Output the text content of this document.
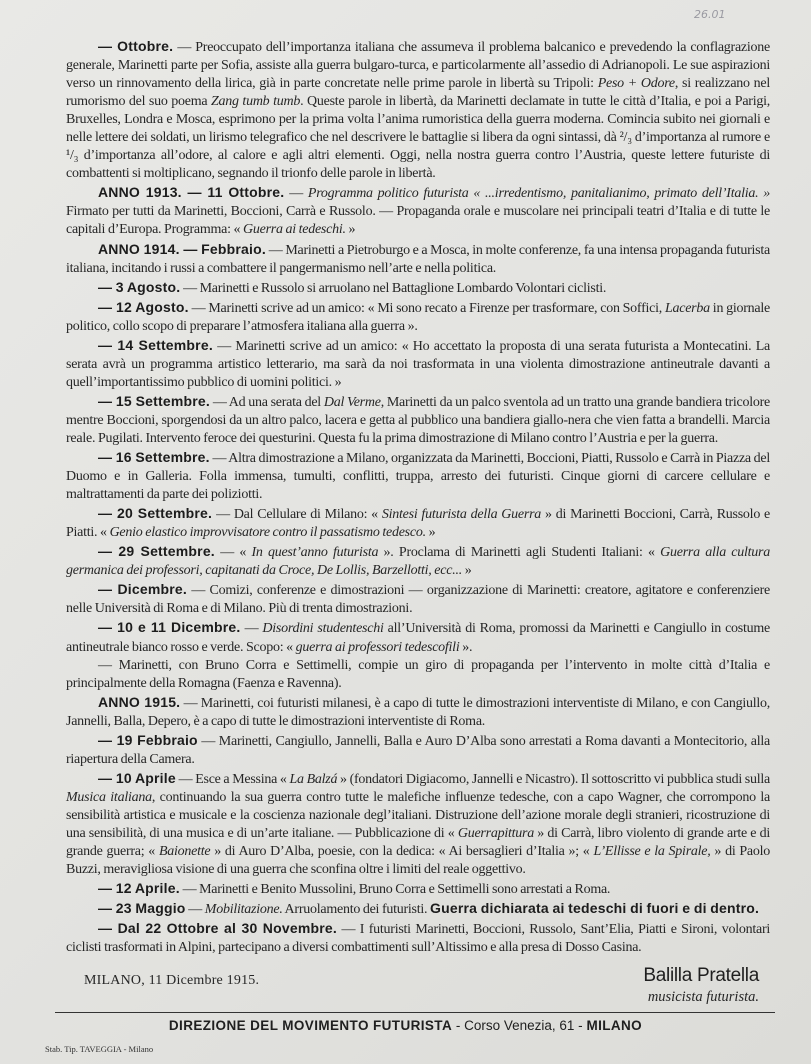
26.01

— Ottobre. — Preoccupato dell’importanza italiana che assumeva il problema balcanico e prevedendo la conflagrazione generale, Marinetti parte per Sofia, assiste alla guerra bulgaro-turca, e particolarmente all’assedio di Adrianopoli. Le sue aspirazioni verso un rinnovamento della lirica, già in parte concretate nelle prime parole in libertà su Tripoli: Peso + Odore, si realizzano nel rumorismo del suo poema Zang tumb tumb. Queste parole in libertà, da Marinetti declamate in tutte le città d’Italia, e poi a Parigi, Bruxelles, Londra e Mosca, esprimono per la prima volta l’anima rumoristica della guerra moderna. Comincia subito nei giornali e nelle lettere dei soldati, un lirismo telegrafico che nel descrivere le battaglie si libera da ogni sintassi, dà ²/₃ d’importanza al rumore e ¹/₃ d’importanza all’odore, al calore e agli altri elementi. Oggi, nella nostra guerra contro l’Austria, queste lettere futuriste di combattenti si moltiplicano, segnando il trionfo delle parole in libertà.

ANNO 1913. — 11 Ottobre. — Programma politico futurista « ...irredentismo, panitalianimo, primato dell’Italia. » Firmato per tutti da Marinetti, Boccioni, Carrà e Russolo. — Propaganda orale e muscolare nei principali teatri d’Italia e di tutte le capitali d’Europa. Programma: « Guerra ai tedeschi. »

ANNO 1914. — Febbraio. — Marinetti a Pietroburgo e a Mosca, in molte conferenze, fa una intensa propaganda futurista italiana, incitando i russi a combattere il pangermanismo nell’arte e nella politica.

— 3 Agosto. — Marinetti e Russolo si arruolano nel Battaglione Lombardo Volontari ciclisti.

— 12 Agosto. — Marinetti scrive ad un amico: « Mi sono recato a Firenze per trasformare, con Soffici, Lacerba in giornale politico, collo scopo di preparare l’atmosfera italiana alla guerra ».

— 14 Settembre. — Marinetti scrive ad un amico: « Ho accettato la proposta di una serata futurista a Montecatini. La serata avrà un programma artistico letterario, ma sarà da noi trasformata in una violenta dimostrazione antineutrale davanti a quell’importantissimo pubblico di uomini politici. »

— 15 Settembre. — Ad una serata del Dal Verme, Marinetti da un palco sventola ad un tratto una grande bandiera tricolore mentre Boccioni, sporgendosi da un altro palco, lacera e getta al pubblico una bandiera giallo-nera che vien fatta a brandelli. Marcia reale. Pugilati. Intervento feroce dei questurini. Questa fu la prima dimostrazione di Milano contro l’Austria e per la guerra.

— 16 Settembre. — Altra dimostrazione a Milano, organizzata da Marinetti, Boccioni, Piatti, Russolo e Carrà in Piazza del Duomo e in Galleria. Folla immensa, tumulti, conflitti, truppa, arresto dei futuristi. Cinque giorni di carcere cellulare e maltrattamenti da parte dei poliziotti.

— 20 Settembre. — Dal Cellulare di Milano: « Sintesi futurista della Guerra » di Marinetti Boccioni, Carrà, Russolo e Piatti. « Genio elastico improvvisatore contro il passatismo tedesco. »

— 29 Settembre. — « In quest’anno futurista ». Proclama di Marinetti agli Studenti Italiani: « Guerra alla cultura germanica dei professori, capitanati da Croce, De Lollis, Barzellotti, ecc... »

— Dicembre. — Comizi, conferenze e dimostrazioni — organizzazione di Marinetti: creatore, agitatore e conferenziere nelle Università di Roma e di Milano. Più di trenta dimostrazioni.

— 10 e 11 Dicembre. — Disordini studenteschi all’Università di Roma, promossi da Marinetti e Cangiullo in costume antineutrale bianco rosso e verde. Scopo: « guerra ai professori tedescofili ».

— Marinetti, con Bruno Corra e Settimelli, compie un giro di propaganda per l’intervento in molte città d’Italia e principalmente della Romagna (Faenza e Ravenna).

ANNO 1915. — Marinetti, coi futuristi milanesi, è a capo di tutte le dimostrazioni interventiste di Milano, e con Cangiullo, Jannelli, Balla, Depero, è a capo di tutte le dimostrazioni interventiste di Roma.

— 19 Febbraio — Marinetti, Cangiullo, Jannelli, Balla e Auro D’Alba sono arrestati a Roma davanti a Montecitorio, alla riapertura della Camera.

— 10 Aprile — Esce a Messina « La Balzá » (fondatori Digiacomo, Jannelli e Nicastro). Il sottoscritto vi pubblica studi sulla Musica italiana, continuando la sua guerra contro tutte le malefiche influenze tedesche, con a capo Wagner, che corrompono la sensibilità artistica e musicale e la coscienza nazionale degl’italiani. Distruzione dell’azione morale degli stranieri, ricostruzione di una sensibilità, di una musica e di un’arte italiane. — Pubblicazione di « Guerrapittura » di Carrà, libro violento di grande arte e di grande guerra; « Baionette » di Auro D’Alba, poesie, con la dedica: « Ai bersaglieri d’Italia »; « L’Ellisse e la Spirale, » di Paolo Buzzi, meravigliosa visione di una guerra che sconfina oltre i limiti del reale oggettivo.

— 12 Aprile. — Marinetti e Benito Mussolini, Bruno Corra e Settimelli sono arrestati a Roma.

— 23 Maggio — Mobilitazione. Arruolamento dei futuristi. Guerra dichiarata ai tedeschi di fuori e di dentro.

— Dal 22 Ottobre al 30 Novembre. — I futuristi Marinetti, Boccioni, Russolo, Sant’Elia, Piatti e Sironi, volontari ciclisti trasformati in Alpini, partecipano a diversi combattimenti sull’Altissimo e alla presa di Dosso Casina.

MILANO, 11 Dicembre 1915.	Balilla Pratella
musicista futurista.
DIREZIONE DEL MOVIMENTO FUTURISTA - Corso Venezia, 61 - MILANO
Stab. Tip. TAVEGGIA - Milano
